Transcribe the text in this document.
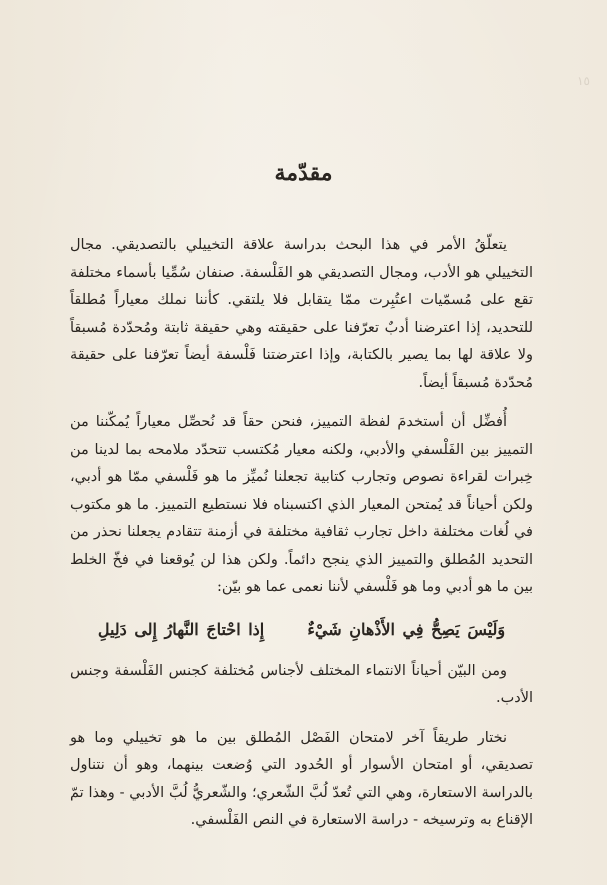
١٥
مقدّمة

يتعلّقُ الأمر في هذا البحث بدراسة علاقة التخييلي بالتصديقي. مجال التخييلي هو الأدب، ومجال التصديقي هو الفَلْسفة. صنفان سُمِّيا بأسماء مختلفة تقع على مُسمّيات اعتُبِرت ممّا يتقابل فلا يلتقي. كأننا نملك معياراً مُطلقاً للتحديد، إذا اعترضنا أدبٌ تعرّفنا على حقيقته وهي حقيقة ثابتة ومُحدّدة مُسبقاً ولا علاقة لها بما يصير بالكتابة، وإذا اعترضتنا فَلْسفة أيضاً تعرّفنا على حقيقة مُحدّدة مُسبقاً أيضاً.

أُفضِّل أن أستخدمَ لفظة التمييز، فنحن حقاً قد نُحصِّل معياراً يُمكّننا من التمييز بين الفَلْسفي والأدبي، ولكنه معيار مُكتسب تتحدّد ملامحه بما لدينا من خِبرات لقراءة نصوص وتجارب كتابية تجعلنا نُميِّز ما هو فَلْسفي ممّا هو أدبي، ولكن أحياناً قد يُمتحن المعيار الذي اكتسبناه فلا نستطيع التمييز. ما هو مكتوب في لُغات مختلفة داخل تجارب ثقافية مختلفة في أزمنة تتقادم يجعلنا نحذر من التحديد المُطلق والتمييز الذي ينجح دائماً. ولكن هذا لن يُوقعنا في فخّ الخلط بين ما هو أدبي وما هو فَلْسفي لأننا نعمى عما هو بيّن:

وَلَيْسَ يَصِحُّ فِي الأَذْهانِ شَيْءٌ  إِذا احْتاجَ النَّهارُ إِلى دَلِيلِ

ومن البيّن أحياناً الانتماء المختلف لأجناس مُختلفة كجنس الفَلْسفة وجنس الأدب.

نختار طريقاً آخر لامتحان الفَصْل المُطلق بين ما هو تخييلي وما هو تصديقي، أو امتحان الأسوار أو الحُدود التي وُضعت بينهما، وهو أن نتناول بالدراسة الاستعارة، وهي التي تُعدّ لُبَّ الشّعري؛ والشّعريُّ لُبَّ الأدبي - وهذا تمّ الإقناع به وترسيخه - دراسة الاستعارة في النص الفَلْسفي.
